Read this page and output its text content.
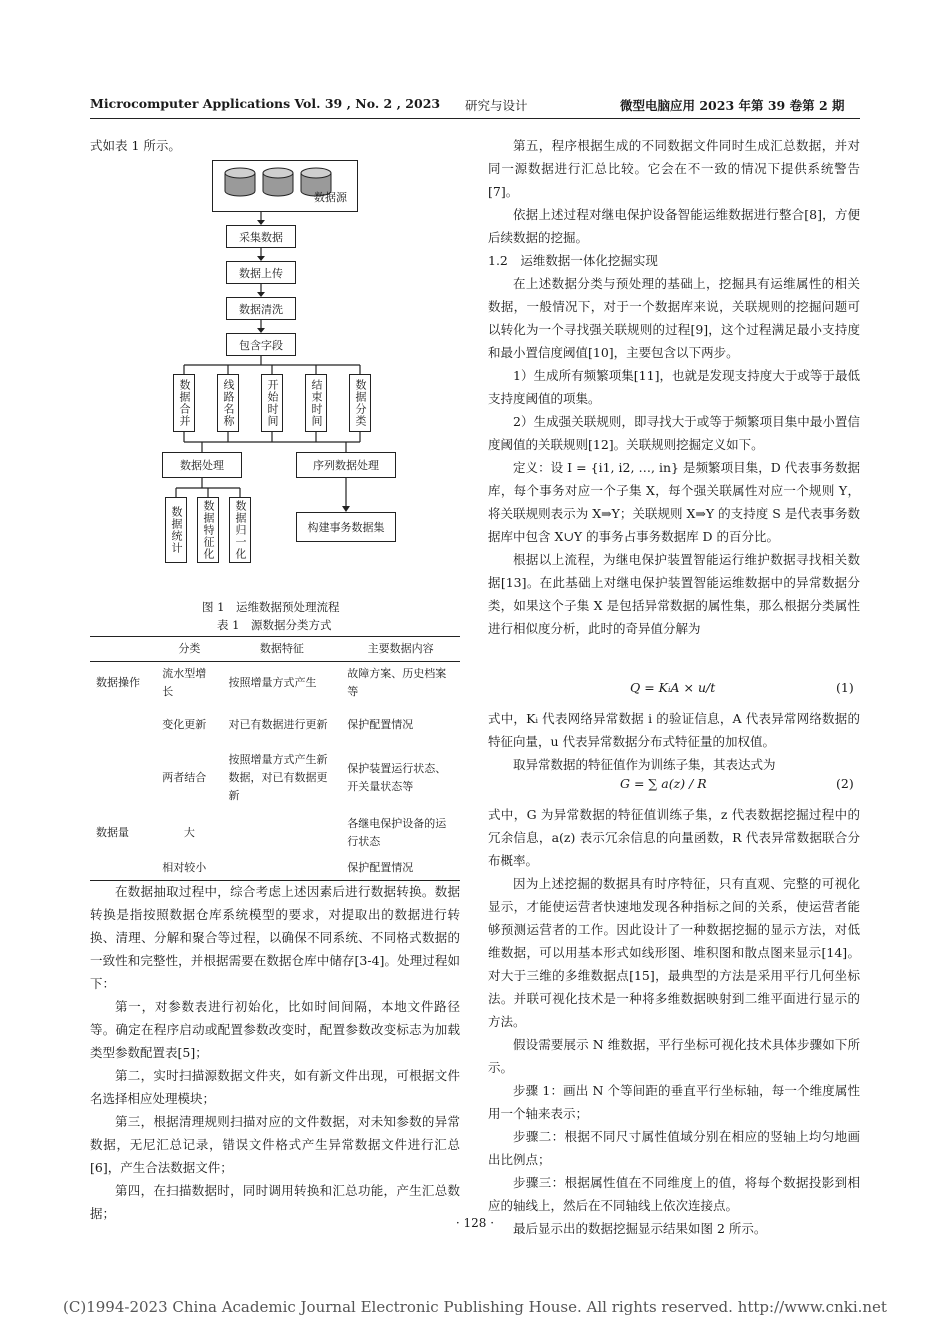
Microcomputer Applications Vol. 39 , No. 2 , 2023 研究与设计	微型电脑应用 2023 年第 39 卷第 2 期

式如表 1 所示。

数据源
采集数据
数据上传
数据清洗
包含字段
数据合并	线路名称	开始时间	结束时间	数据分类
数据处理	序列数据处理
数据统计 数据特征化 数据归一化	构建事务数据集
图 1　运维数据预处理流程
表 1　源数据分类方式
	分类	数据特征	主要数据内容
数据操作	流水型增长	按照增量方式产生	故障方案、历史档案等
	变化更新	对已有数据进行更新	保护配置情况
	两者结合	按照增量方式产生新数据，对已有数据更新	保护装置运行状态、开关量状态等
数据量	大		各继电保护设备的运行状态
	相对较小		保护配置情况

在数据抽取过程中，综合考虑上述因素后进行数据转换。数据转换是指按照数据仓库系统模型的要求，对提取出的数据进行转换、清理、分解和聚合等过程，以确保不同系统、不同格式数据的一致性和完整性，并根据需要在数据仓库中储存[3-4]。处理过程如下：

第一，对参数表进行初始化，比如时间间隔，本地文件路径等。确定在程序启动或配置参数改变时，配置参数改变标志为加载类型参数配置表[5]；

第二，实时扫描源数据文件夹，如有新文件出现，可根据文件名选择相应处理模块；

第三，根据清理规则扫描对应的文件数据，对未知参数的异常数据，无尼汇总记录，错误文件格式产生异常数据文件进行汇总[6]，产生合法数据文件；

第四，在扫描数据时，同时调用转换和汇总功能，产生汇总数据；

第五，程序根据生成的不同数据文件同时生成汇总数据，并对同一源数据进行汇总比较。它会在不一致的情况下提供系统警告[7]。

依据上述过程对继电保护设备智能运维数据进行整合[8]，方便后续数据的挖掘。

1.2　运维数据一体化挖掘实现

在上述数据分类与预处理的基础上，挖掘具有运维属性的相关数据，一般情况下，对于一个数据库来说，关联规则的挖掘问题可以转化为一个寻找强关联规则的过程[9]，这个过程满足最小支持度和最小置信度阈值[10]，主要包含以下两步。

1）生成所有频繁项集[11]，也就是发现支持度大于或等于最低支持度阈值的项集。

2）生成强关联规则，即寻找大于或等于频繁项目集中最小置信度阈值的关联规则[12]。关联规则挖掘定义如下。

定义：设 I = {i1, i2, …, in} 是频繁项目集，D 代表事务数据库，每个事务对应一个子集 X，每个强关联属性对应一个规则 Y，将关联规则表示为 X⇒Y；关联规则 X⇒Y 的支持度 S 是代表事务数据库中包含 X∪Y 的事务占事务数据库 D 的百分比。

根据以上流程，为继电保护装置智能运行维护数据寻找相关数据[13]。在此基础上对继电保护装置智能运维数据中的异常数据分类，如果这个子集 X 是包括异常数据的属性集，那么根据分类属性进行相似度分析，此时的奇异值分解为

Q = KᵢA × u/t	(1)

式中，Kᵢ 代表网络异常数据 i 的验证信息，A 代表异常网络数据的特征向量，u 代表异常数据分布式特征量的加权值。

取异常数据的特征值作为训练子集，其表达式为

G = ∑ a(z) / R	(2)

式中，G 为异常数据的特征值训练子集，z 代表数据挖掘过程中的冗余信息，a(z) 表示冗余信息的向量函数，R 代表异常数据联合分布概率。

因为上述挖掘的数据具有时序特征，只有直观、完整的可视化显示，才能使运营者快速地发现各种指标之间的关系，使运营者能够预测运营者的工作。因此设计了一种数据挖掘的显示方法，对低维数据，可以用基本形式如线形图、堆积图和散点图来显示[14]。对大于三维的多维数据点[15]，最典型的方法是采用平行几何坐标法。并联可视化技术是一种将多维数据映射到二维平面进行显示的方法。

假设需要展示 N 维数据，平行坐标可视化技术具体步骤如下所示。

步骤 1：画出 N 个等间距的垂直平行坐标轴，每一个维度属性用一个轴来表示；

步骤二：根据不同尺寸属性值域分别在相应的竖轴上均匀地画出比例点；

步骤三：根据属性值在不同维度上的值，将每个数据投影到相应的轴线上，然后在不同轴线上依次连接点。

最后显示出的数据挖掘显示结果如图 2 所示。

· 128 ·
(C)1994-2023 China Academic Journal Electronic Publishing House. All rights reserved. http://www.cnki.net
